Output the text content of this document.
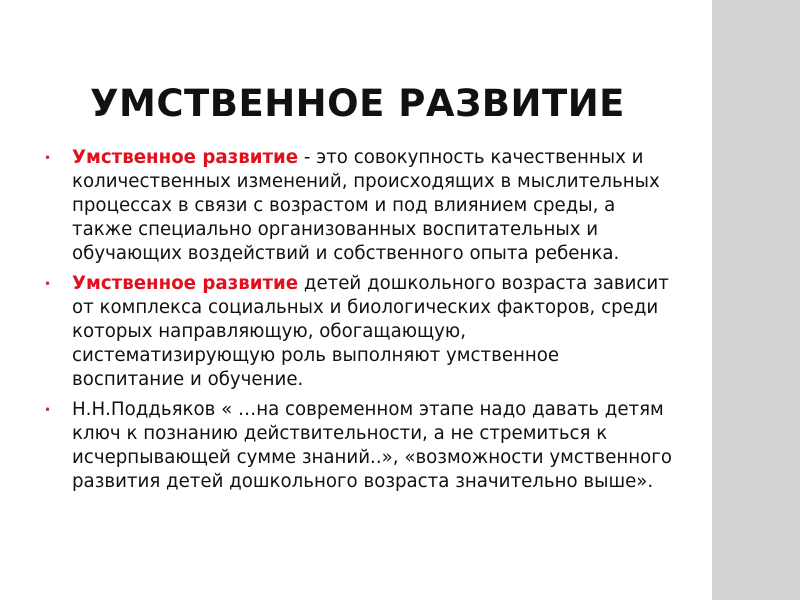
УМСТВЕННОЕ РАЗВИТИЕ
• Умственное развитие - это совокупность качественных и количественных изменений, происходящих в мыслительных процессах в связи с возрастом и под влиянием среды, а также специально организованных воспитательных и обучающих воздействий и собственного опыта ребенка.
• Умственное развитие детей дошкольного возраста зависит от комплекса социальных и биологических факторов, среди которых направляющую, обогащающую, систематизирующую роль выполняют умственное воспитание и обучение.
• Н.Н.Поддьяков « …на современном этапе надо давать детям ключ к познанию действительности, а не стремиться к исчерпывающей сумме знаний..», «возможности умственного развития детей дошкольного возраста значительно выше».
